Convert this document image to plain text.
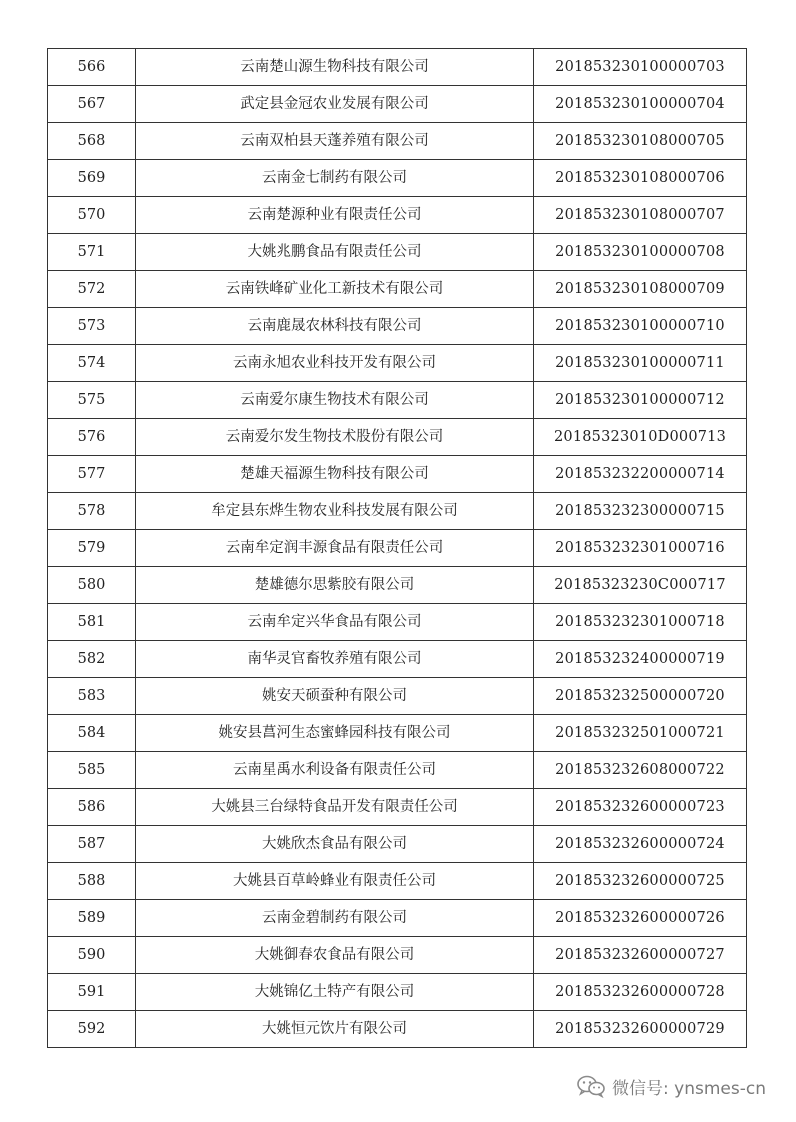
566	云南楚山源生物科技有限公司	201853230100000703
567	武定县金冠农业发展有限公司	201853230100000704
568	云南双柏县天蓬养殖有限公司	201853230108000705
569	云南金七制药有限公司	201853230108000706
570	云南楚源种业有限责任公司	201853230108000707
571	大姚兆鹏食品有限责任公司	201853230100000708
572	云南铁峰矿业化工新技术有限公司	201853230108000709
573	云南鹿晟农林科技有限公司	201853230100000710
574	云南永旭农业科技开发有限公司	201853230100000711
575	云南爱尔康生物技术有限公司	201853230100000712
576	云南爱尔发生物技术股份有限公司	20185323010D000713
577	楚雄天福源生物科技有限公司	201853232200000714
578	牟定县东烨生物农业科技发展有限公司	201853232300000715
579	云南牟定润丰源食品有限责任公司	201853232301000716
580	楚雄德尔思紫胶有限公司	20185323230C000717
581	云南牟定兴华食品有限公司	201853232301000718
582	南华灵官畜牧养殖有限公司	201853232400000719
583	姚安天硕蚕种有限公司	201853232500000720
584	姚安县菖河生态蜜蜂园科技有限公司	201853232501000721
585	云南星禹水利设备有限责任公司	201853232608000722
586	大姚县三台绿特食品开发有限责任公司	201853232600000723
587	大姚欣杰食品有限公司	201853232600000724
588	大姚县百草岭蜂业有限责任公司	201853232600000725
589	云南金碧制药有限公司	201853232600000726
590	大姚御春农食品有限公司	201853232600000727
591	大姚锦亿土特产有限公司	201853232600000728
592	大姚恒元饮片有限公司	201853232600000729
微信号: ynsmes-cn
